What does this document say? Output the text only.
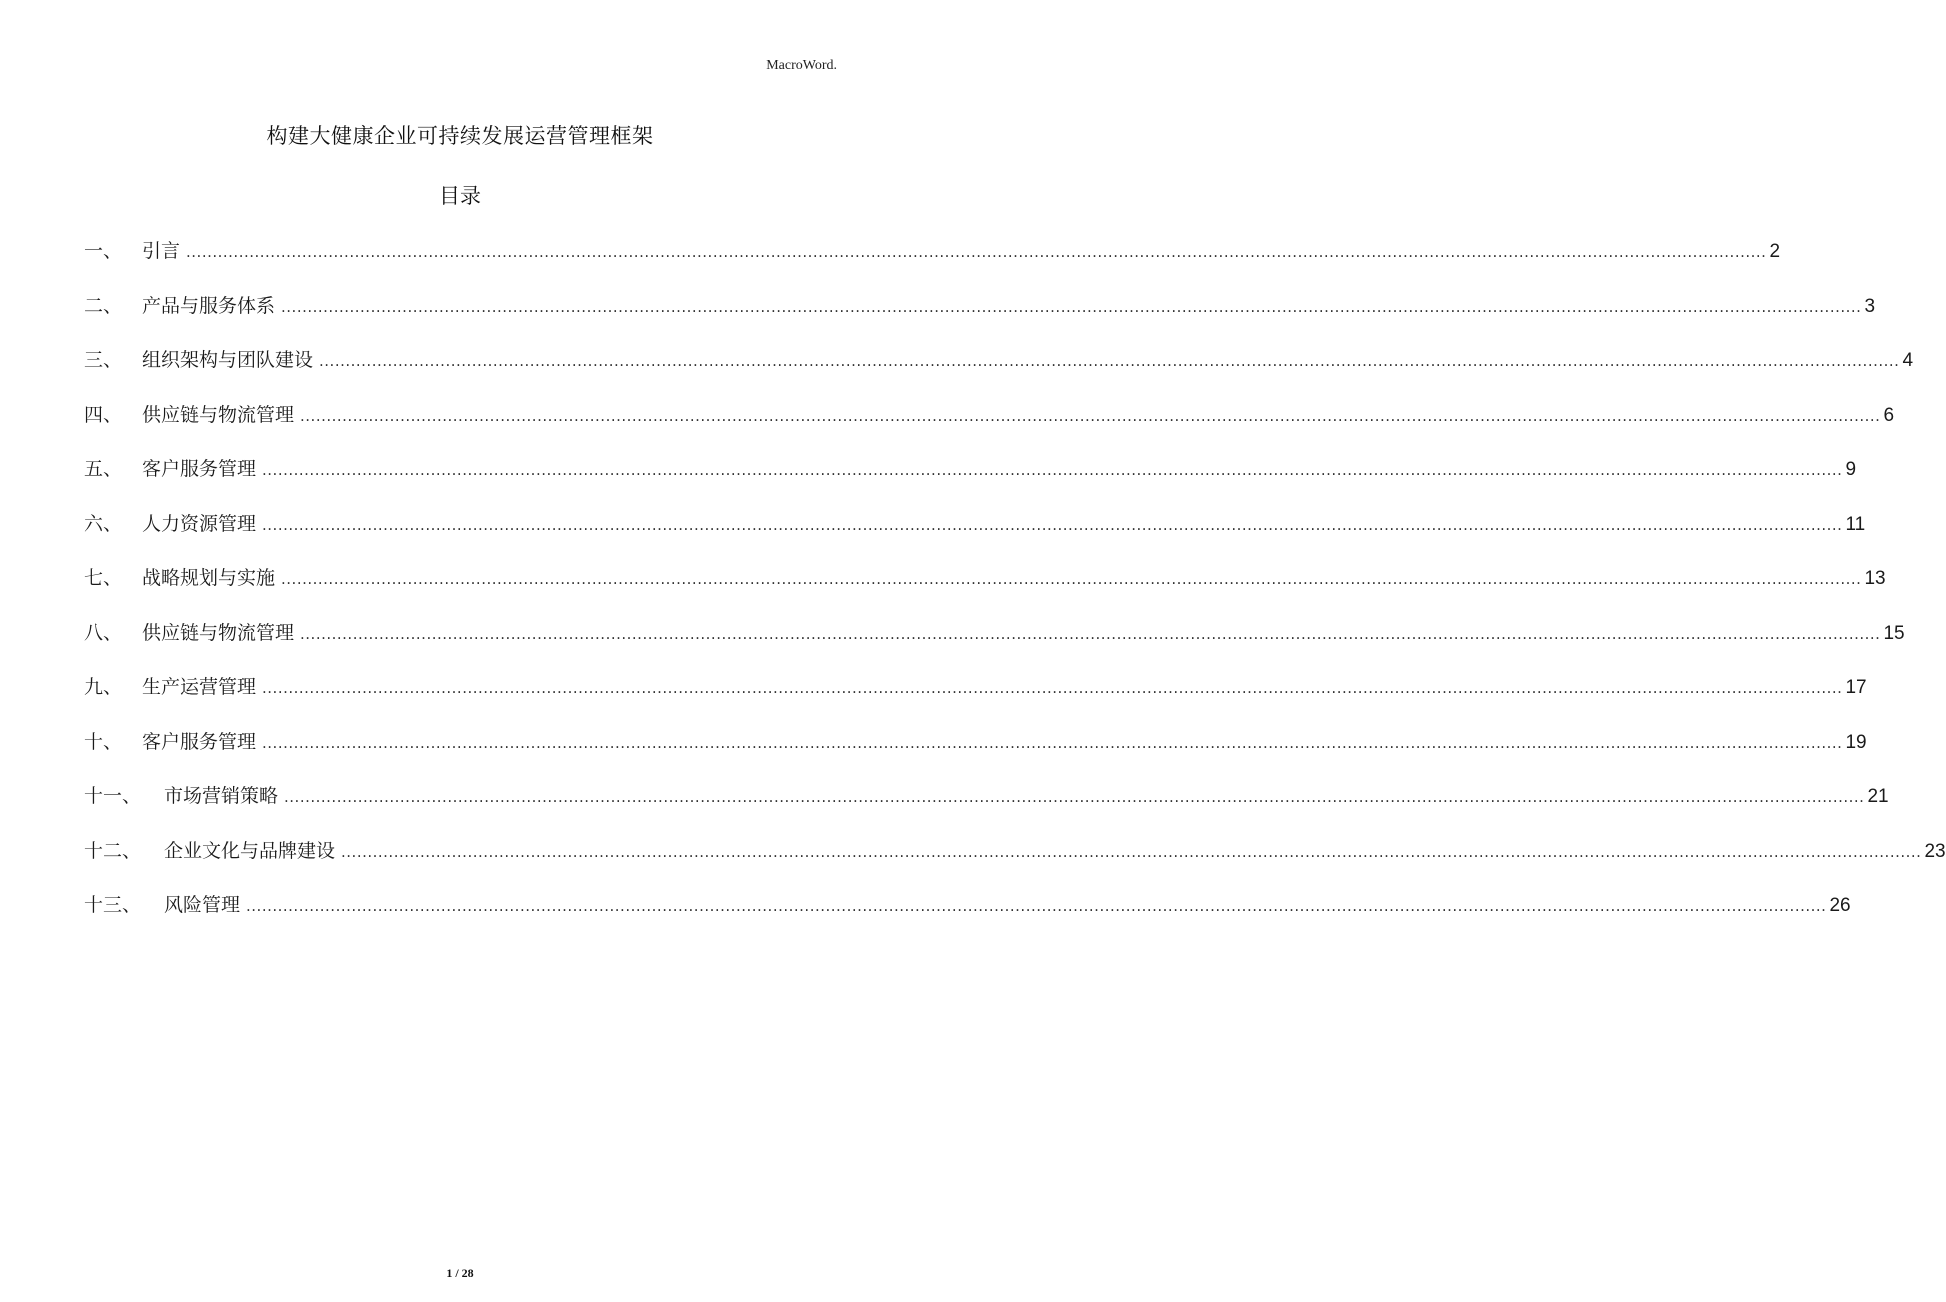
MacroWord.
构建大健康企业可持续发展运营管理框架
目录
一、	引言 ............................................................................................................................................................................................................................................................................................................ 2
二、	产品与服务体系 ............................................................................................................................................................................................................................................................................................................ 3
三、	组织架构与团队建设 ............................................................................................................................................................................................................................................................................................................ 4
四、	供应链与物流管理 ............................................................................................................................................................................................................................................................................................................ 6
五、	客户服务管理 ............................................................................................................................................................................................................................................................................................................ 9
六、	人力资源管理 ............................................................................................................................................................................................................................................................................................................ 11
七、	战略规划与实施 ............................................................................................................................................................................................................................................................................................................ 13
八、	供应链与物流管理 ............................................................................................................................................................................................................................................................................................................ 15
九、	生产运营管理 ............................................................................................................................................................................................................................................................................................................ 17
十、	客户服务管理 ............................................................................................................................................................................................................................................................................................................ 19
十一、	市场营销策略 ............................................................................................................................................................................................................................................................................................................ 21
十二、	企业文化与品牌建设 ............................................................................................................................................................................................................................................................................................................ 23
十三、	风险管理 ............................................................................................................................................................................................................................................................................................................ 26
1 / 28
